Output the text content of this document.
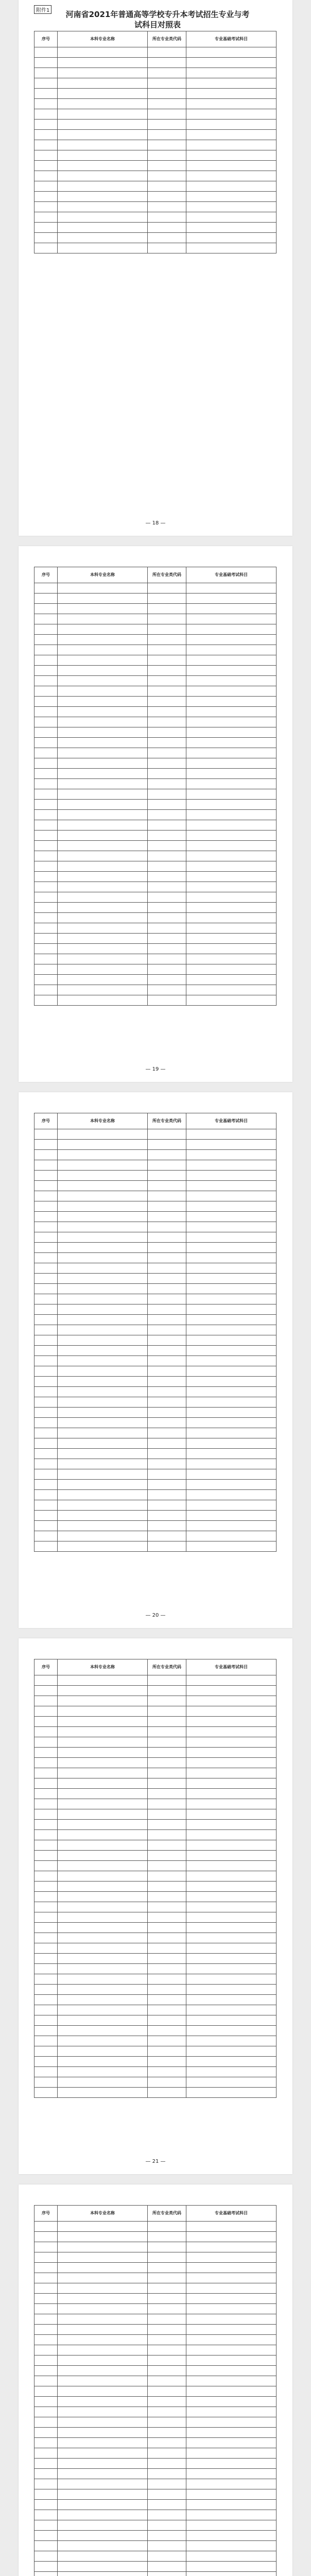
附件1 河南省2021年普通高等学校专升本考试招生专业与考试科目对照表
序号	本科专业名称	所在专业类代码	专业基础考试科目

— 18 —
序号	本科专业名称	所在专业类代码	专业基础考试科目

— 19 —
序号	本科专业名称	所在专业类代码	专业基础考试科目

— 20 —
序号	本科专业名称	所在专业类代码	专业基础考试科目

— 21 —
序号	本科专业名称	所在专业类代码	专业基础考试科目
